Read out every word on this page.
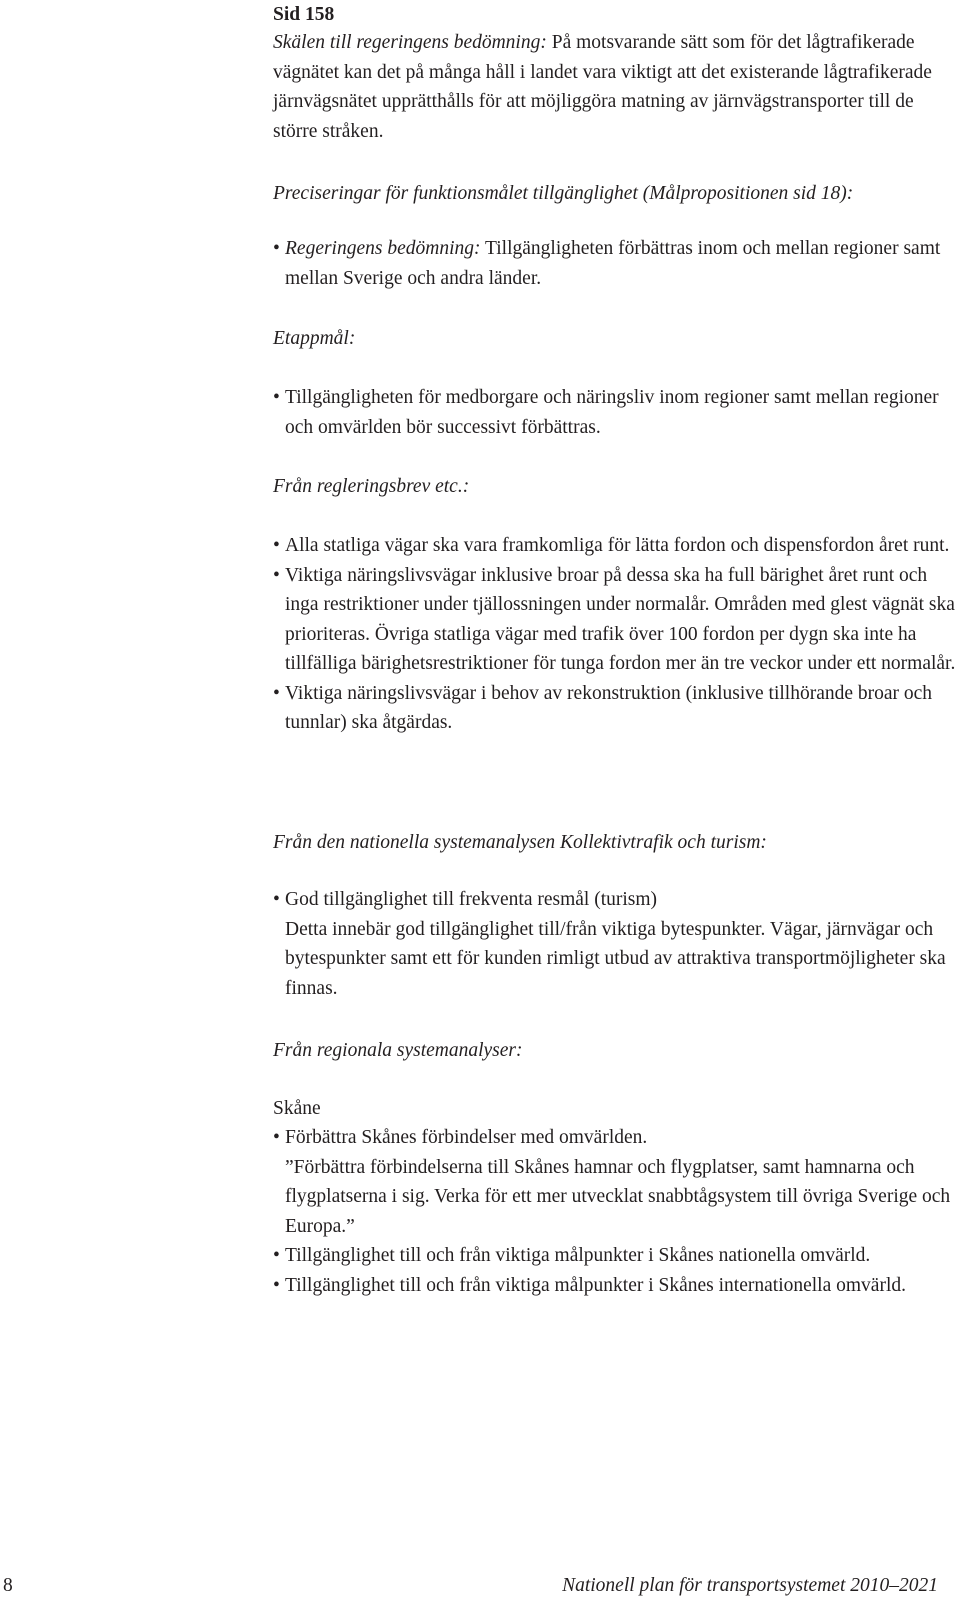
Sid 158

Skälen till regeringens bedömning: På motsvarande sätt som för det lågtrafikerade vägnätet kan det på många håll i landet vara viktigt att det existerande lågtrafikerade järnvägsnätet upprätthålls för att möjliggöra matning av järnvägstransporter till de större stråken.

Preciseringar för funktionsmålet tillgänglighet (Målpropositionen sid 18):
• Regeringens bedömning: Tillgängligheten förbättras inom och mellan regioner samt mellan Sverige och andra länder.
Etappmål:
• Tillgängligheten för medborgare och näringsliv inom regioner samt mellan regioner och omvärlden bör successivt förbättras.
Från regleringsbrev etc.:
• Alla statliga vägar ska vara framkomliga för lätta fordon och dispensfordon året runt.
• Viktiga näringslivsvägar inklusive broar på dessa ska ha full bärighet året runt och inga restriktioner under tjällossningen under normalår. Områden med glest vägnät ska prioriteras. Övriga statliga vägar med trafik över 100 fordon per dygn ska inte ha tillfälliga bärighetsrestriktioner för tunga fordon mer än tre veckor under ett normalår.
• Viktiga näringslivsvägar i behov av rekonstruktion (inklusive tillhörande broar och tunnlar) ska åtgärdas.
Från den nationella systemanalysen Kollektivtrafik och turism:
• God tillgänglighet till frekventa resmål (turism)
Detta innebär god tillgänglighet till/från viktiga bytespunkter. Vägar, järnvägar och bytespunkter samt ett för kunden rimligt utbud av attraktiva transportmöjligheter ska finnas.
Från regionala systemanalyser:
Skåne
• Förbättra Skånes förbindelser med omvärlden.
”Förbättra förbindelserna till Skånes hamnar och flygplatser, samt hamnarna och flygplatserna i sig. Verka för ett mer utvecklat snabbtågsystem till övriga Sverige och Europa.”
• Tillgänglighet till och från viktiga målpunkter i Skånes nationella omvärld.
• Tillgänglighet till och från viktiga målpunkter i Skånes internationella omvärld.
8	Nationell plan för transportsystemet 2010–2021
